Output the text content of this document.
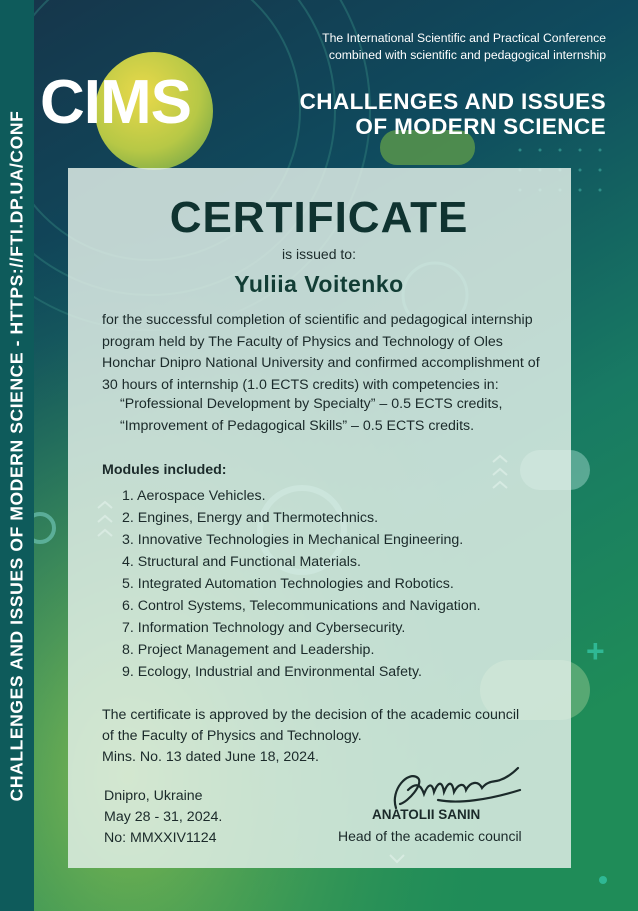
CHALLENGES AND ISSUES OF MODERN SCIENCE - HTTPS://FTI.DP.UA/CONF
The International Scientific and Practical Conference
combined with scientific and pedagogical internship
CIMS	CHALLENGES AND ISSUES
OF MODERN SCIENCE
CERTIFICATE
is issued to:
Yuliia Voitenko
for the successful completion of scientific and pedagogical internship program held by The Faculty of Physics and Technology of Oles Honchar Dnipro National University and confirmed accomplishment of 30 hours of internship (1.0 ECTS credits) with competencies in:
“Professional Development by Specialty” – 0.5 ECTS credits,
“Improvement of Pedagogical Skills” – 0.5 ECTS credits.
Modules included:
1. Aerospace Vehicles.
2. Engines, Energy and Thermotechnics.
3. Innovative Technologies in Mechanical Engineering.
4. Structural and Functional Materials.
5. Integrated Automation Technologies and Robotics.
6. Control Systems, Telecommunications and Navigation.
7. Information Technology and Cybersecurity.
8. Project Management and Leadership.
9. Ecology, Industrial and Environmental Safety.
The certificate is approved by the decision of the academic council
of the Faculty of Physics and Technology.
Mins. No. 13 dated June 18, 2024.
Dnipro, Ukraine
May 28 - 31, 2024.
No: MMXXIV1124
ANATOLII SANIN
Head of the academic council
+
